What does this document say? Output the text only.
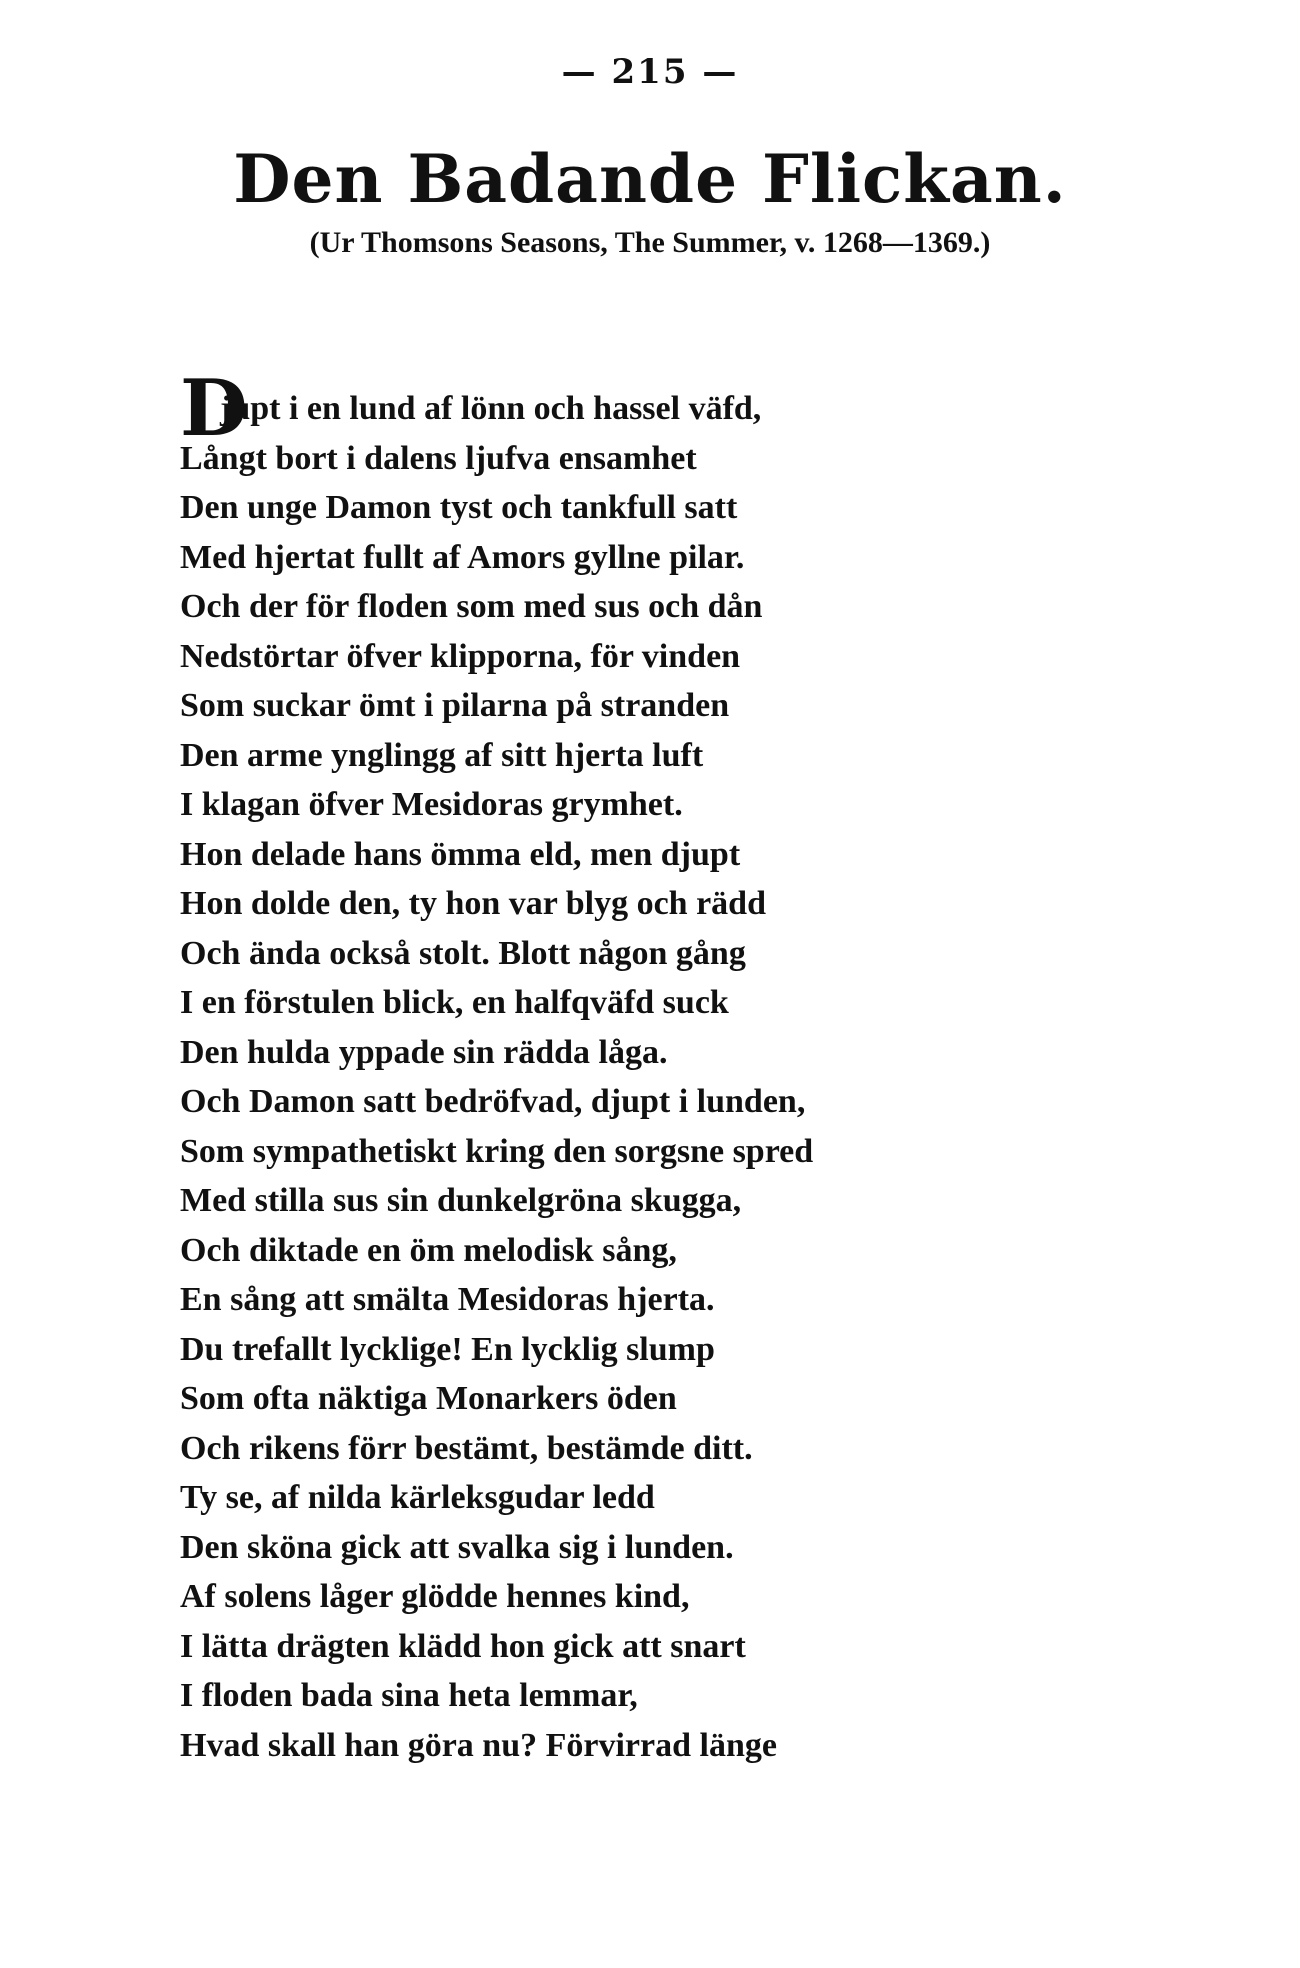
— 215 —
Den Badande Flickan.
(Ur Thomsons Seasons, The Summer, v. 1268—1369.)
D
jupt i en lund af lönn och hassel väfd,
Långt bort i dalens ljufva ensamhet
Den unge Damon tyst och tankfull satt
Med hjertat fullt af Amors gyllne pilar.
Och der för floden som med sus och dån
Nedstörtar öfver klipporna, för vinden
Som suckar ömt i pilarna på stranden
Den arme ynglingg af sitt hjerta luft
I klagan öfver Mesidoras grymhet.
Hon delade hans ömma eld, men djupt
Hon dolde den, ty hon var blyg och rädd
Och ända också stolt. Blott någon gång
I en förstulen blick, en halfqväfd suck
Den hulda yppade sin rädda låga.
Och Damon satt bedröfvad, djupt i lunden,
Som sympathetiskt kring den sorgsne spred
Med stilla sus sin dunkelgröna skugga,
Och diktade en öm melodisk sång,
En sång att smälta Mesidoras hjerta.
Du trefallt lycklige! En lycklig slump
Som ofta näktiga Monarkers öden
Och rikens förr bestämt, bestämde ditt.
Ty se, af nilda kärleksgudar ledd
Den sköna gick att svalka sig i lunden.
Af solens låger glödde hennes kind,
I lätta drägten klädd hon gick att snart
I floden bada sina heta lemmar,
Hvad skall han göra nu? Förvirrad länge
